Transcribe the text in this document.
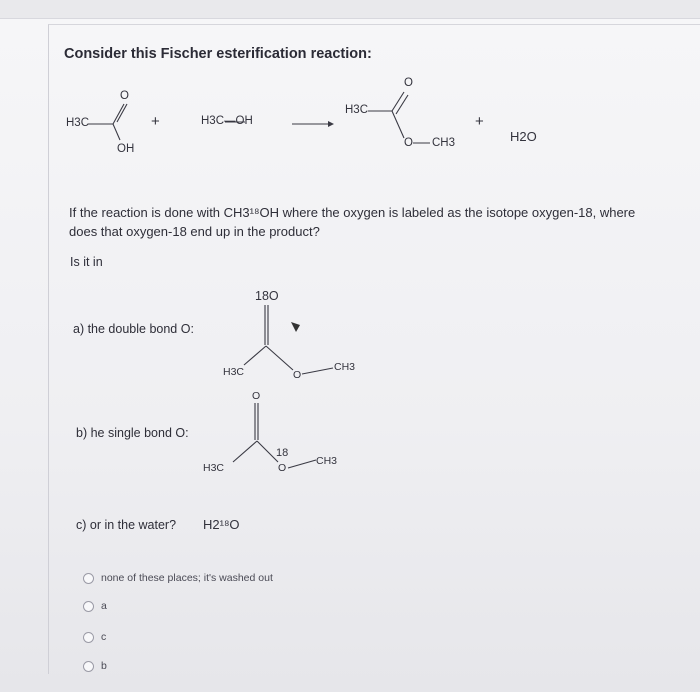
Consider this Fischer esterification reaction:
H3C
O
OH
+	H3C—OH
H3C
O
O CH3
+
H2O
If the reaction is done with CH3¹⁸OH where the oxygen is labeled as the isotope oxygen-18, where
does that oxygen-18 end up in the product?
Is it in
a) the double bond O:
18O
H3C	O
CH3
b) he single bond O:
O
18
H3C	O
CH3
c) or in the water? H2¹⁸O
none of these places; it's washed out
a
c
b
